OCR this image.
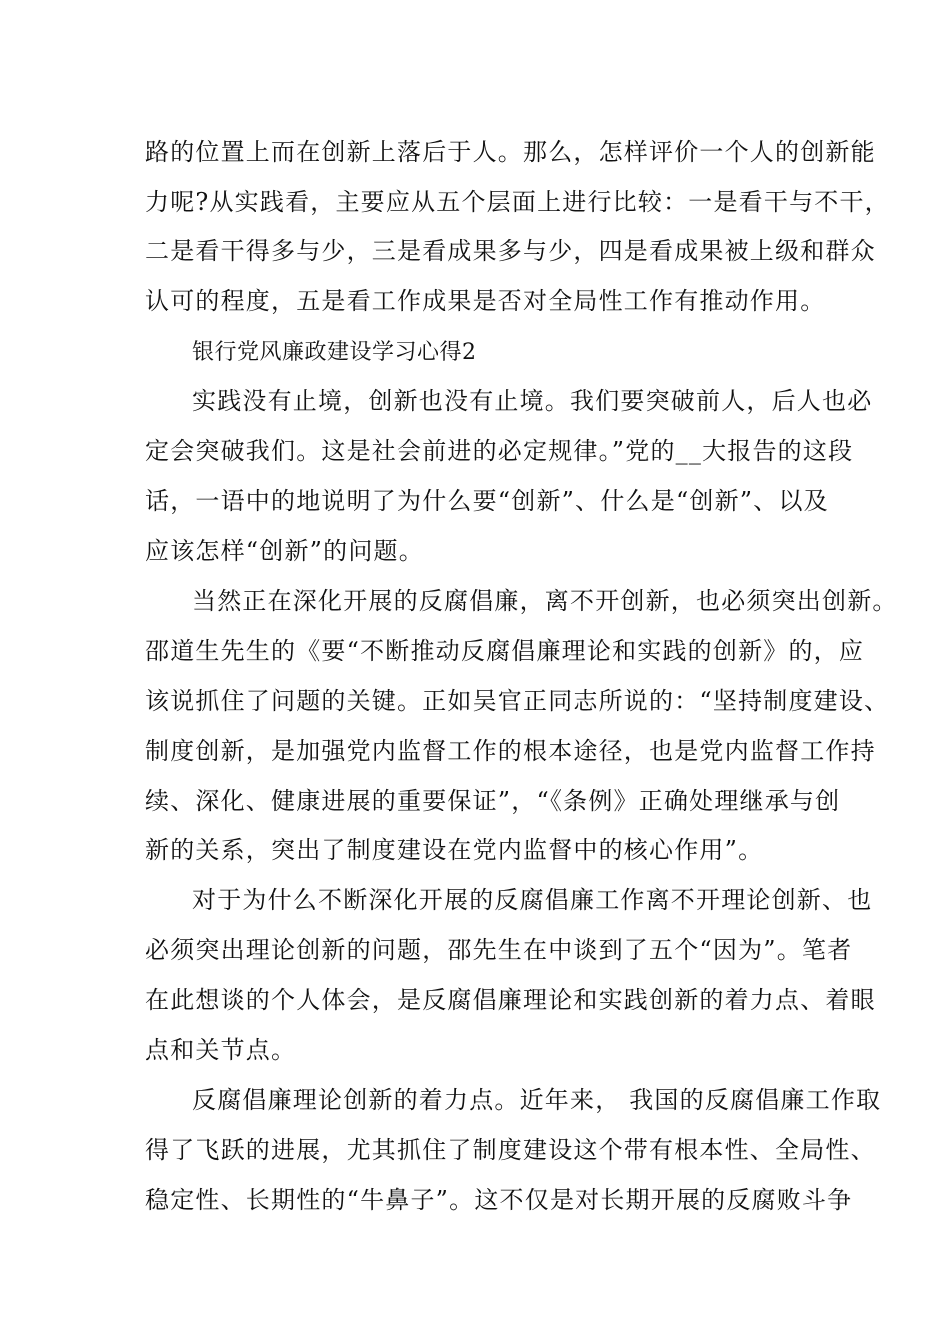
路的位置上而在创新上落后于人。那么，怎样评价一个人的创新能
力呢?从实践看，主要应从五个层面上进行比较：一是看干与不干，
二是看干得多与少，三是看成果多与少，四是看成果被上级和群众
认可的程度，五是看工作成果是否对全局性工作有推动作用。
银行党风廉政建设学习心得2
实践没有止境，创新也没有止境。我们要突破前人，后人也必
定会突破我们。这是社会前进的必定规律。”党的__大报告的这段
话，一语中的地说明了为什么要“创新”、什么是“创新”、以及
应该怎样“创新”的问题。
当然正在深化开展的反腐倡廉，离不开创新，也必须突出创新。
邵道生先生的《要“不断推动反腐倡廉理论和实践的创新》的，应
该说抓住了问题的关键。正如吴官正同志所说的：“坚持制度建设、
制度创新，是加强党内监督工作的根本途径，也是党内监督工作持
续、深化、健康进展的重要保证”，“《条例》正确处理继承与创
新的关系，突出了制度建设在党内监督中的核心作用”。
对于为什么不断深化开展的反腐倡廉工作离不开理论创新、也
必须突出理论创新的问题，邵先生在中谈到了五个“因为”。笔者
在此想谈的个人体会，是反腐倡廉理论和实践创新的着力点、着眼
点和关节点。
反腐倡廉理论创新的着力点。近年来， 我国的反腐倡廉工作取
得了飞跃的进展，尤其抓住了制度建设这个带有根本性、全局性、
稳定性、长期性的“牛鼻子”。这不仅是对长期开展的反腐败斗争
